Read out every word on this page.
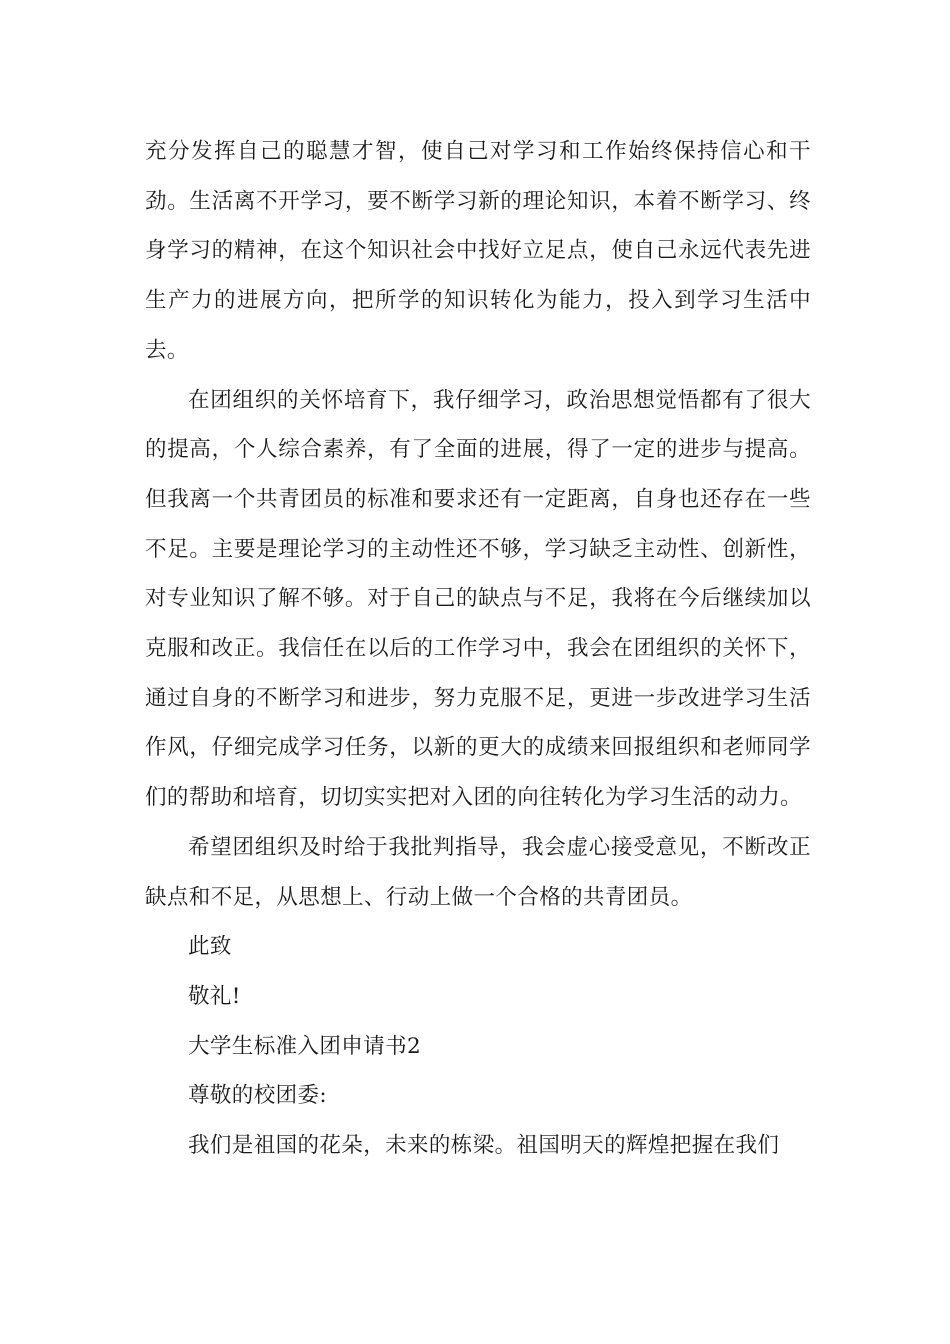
充分发挥自己的聪慧才智，使自己对学习和工作始终保持信心和干劲。生活离不开学习，要不断学习新的理论知识，本着不断学习、终身学习的精神，在这个知识社会中找好立足点，使自己永远代表先进生产力的进展方向，把所学的知识转化为能力，投入到学习生活中去。

在团组织的关怀培育下，我仔细学习，政治思想觉悟都有了很大的提高，个人综合素养，有了全面的进展，得了一定的进步与提高。但我离一个共青团员的标准和要求还有一定距离，自身也还存在一些不足。主要是理论学习的主动性还不够，学习缺乏主动性、创新性，对专业知识了解不够。对于自己的缺点与不足，我将在今后继续加以克服和改正。我信任在以后的工作学习中，我会在团组织的关怀下，通过自身的不断学习和进步，努力克服不足，更进一步改进学习生活作风，仔细完成学习任务，以新的更大的成绩来回报组织和老师同学们的帮助和培育，切切实实把对入团的向往转化为学习生活的动力。

希望团组织及时给于我批判指导，我会虚心接受意见，不断改正缺点和不足，从思想上、行动上做一个合格的共青团员。

此致

敬礼!

大学生标准入团申请书2

尊敬的校团委:

我们是祖国的花朵，未来的栋梁。祖国明天的辉煌把握在我们
